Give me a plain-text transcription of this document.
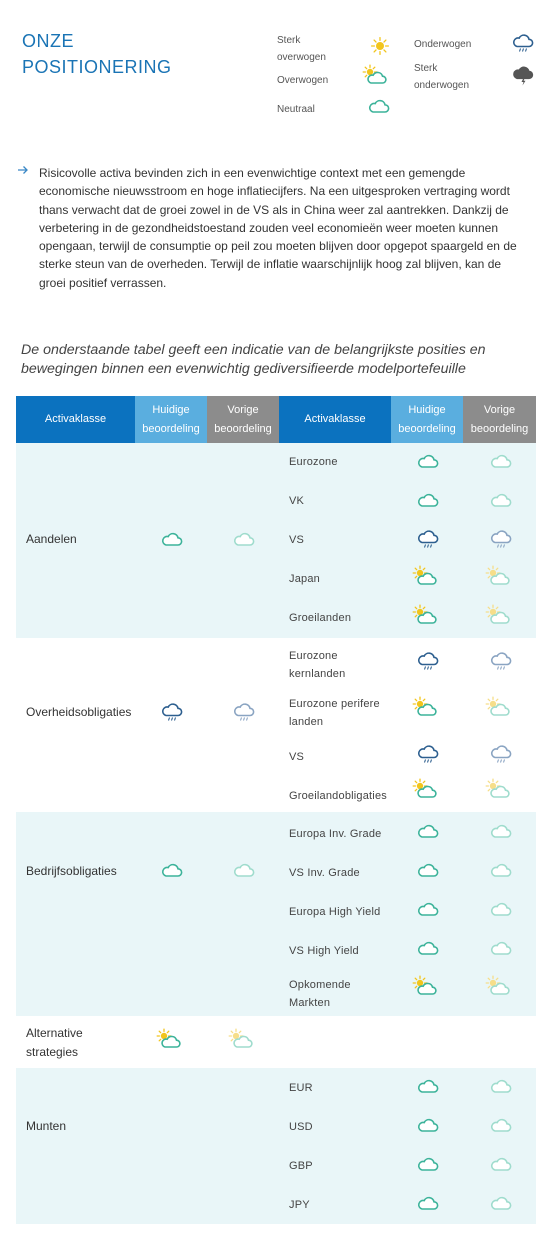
ONZE POSITIONERING
Sterk overwogen
Overwogen
Neutraal
Onderwogen
Sterk onderwogen
Risicovolle activa bevinden zich in een evenwichtige context met een gemengde economische nieuwsstroom en hoge inflatiecijfers. Na een uitgesproken vertraging wordt thans verwacht dat de groei zowel in de VS als in China weer zal aantrekken. Dankzij de verbetering in de gezondheidstoestand zouden veel economieën weer moeten kunnen opengaan, terwijl de consumptie op peil zou moeten blijven door opgepot spaargeld en de sterke steun van de overheden. Terwijl de inflatie waarschijnlijk hoog zal blijven, kan de groei positief verrassen.
De onderstaande tabel geeft een indicatie van de belangrijkste posities en bewegingen binnen een evenwichtig gediversifieerde modelportefeuille
Activaklasse
Huidige beoordeling
Vorige beoordeling
Activaklasse
Huidige beoordeling
Vorige beoordeling
Aandelen
Eurozone
VK
VS
Japan
Groeilanden
Overheidsobligaties
Eurozone kernlanden
Eurozone perifere landen
VS
Groeilandobligaties
Bedrijfsobligaties
Europa Inv. Grade
VS Inv. Grade
Europa High Yield
VS High Yield
Opkomende Markten
Alternative strategies
Munten
EUR
USD
GBP
JPY
